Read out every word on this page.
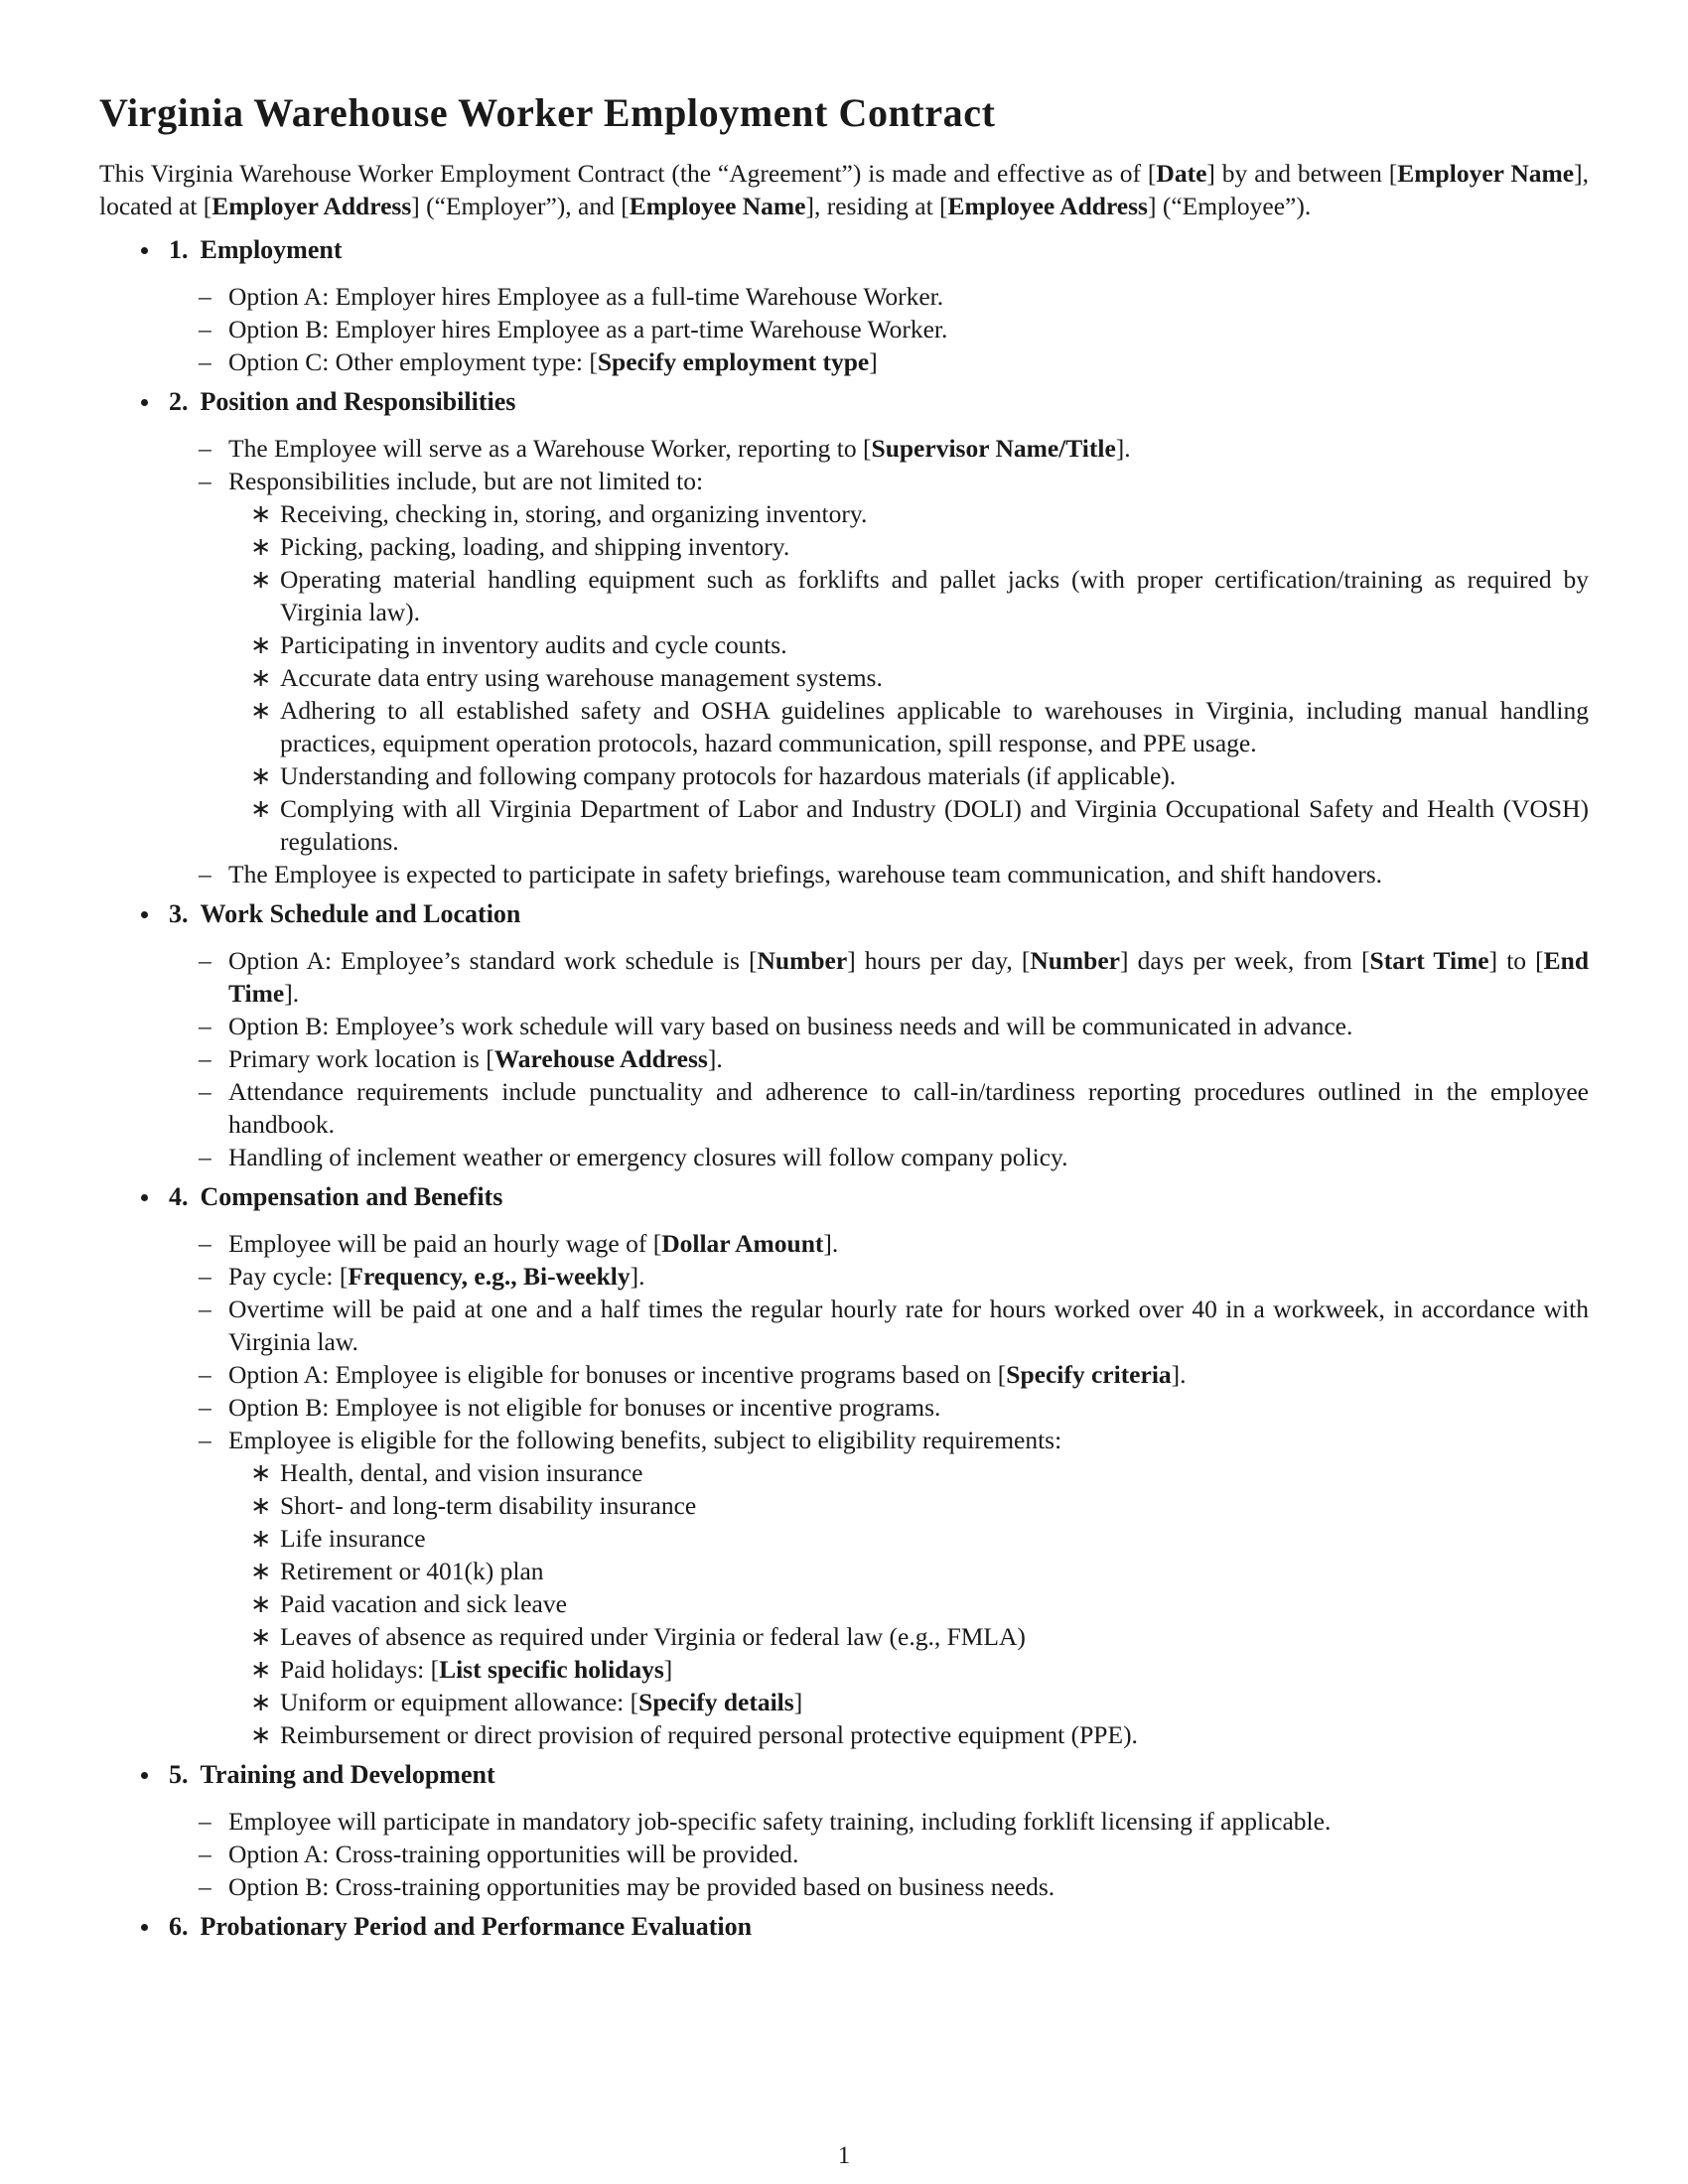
Virginia Warehouse Worker Employment Contract

This Virginia Warehouse Worker Employment Contract (the “Agreement”) is made and effective as of [Date] by and between [Employer Name], located at [Employer Address] (“Employer”), and [Employee Name], residing at [Employee Address] (“Employee”).

1. Employment
– Option A: Employer hires Employee as a full-time Warehouse Worker.
– Option B: Employer hires Employee as a part-time Warehouse Worker.
– Option C: Other employment type: [Specify employment type]
2. Position and Responsibilities
– The Employee will serve as a Warehouse Worker, reporting to [Supervisor Name/Title].
– Responsibilities include, but are not limited to:
∗ Receiving, checking in, storing, and organizing inventory.
∗ Picking, packing, loading, and shipping inventory.
∗ Operating material handling equipment such as forklifts and pallet jacks (with proper certification/training as required by Virginia law).
∗ Participating in inventory audits and cycle counts.
∗ Accurate data entry using warehouse management systems.
∗ Adhering to all established safety and OSHA guidelines applicable to warehouses in Virginia, including manual handling practices, equipment operation protocols, hazard communication, spill response, and PPE usage.
∗ Understanding and following company protocols for hazardous materials (if applicable).
∗ Complying with all Virginia Department of Labor and Industry (DOLI) and Virginia Occupational Safety and Health (VOSH) regulations.
– The Employee is expected to participate in safety briefings, warehouse team communication, and shift handovers.
3. Work Schedule and Location
– Option A: Employee’s standard work schedule is [Number] hours per day, [Number] days per week, from [Start Time] to [End Time].
– Option B: Employee’s work schedule will vary based on business needs and will be communicated in advance.
– Primary work location is [Warehouse Address].
– Attendance requirements include punctuality and adherence to call-in/tardiness reporting procedures outlined in the employee handbook.
– Handling of inclement weather or emergency closures will follow company policy.
4. Compensation and Benefits
– Employee will be paid an hourly wage of [Dollar Amount].
– Pay cycle: [Frequency, e.g., Bi-weekly].
– Overtime will be paid at one and a half times the regular hourly rate for hours worked over 40 in a workweek, in accordance with Virginia law.
– Option A: Employee is eligible for bonuses or incentive programs based on [Specify criteria].
– Option B: Employee is not eligible for bonuses or incentive programs.
– Employee is eligible for the following benefits, subject to eligibility requirements:
∗ Health, dental, and vision insurance
∗ Short- and long-term disability insurance
∗ Life insurance
∗ Retirement or 401(k) plan
∗ Paid vacation and sick leave
∗ Leaves of absence as required under Virginia or federal law (e.g., FMLA)
∗ Paid holidays: [List specific holidays]
∗ Uniform or equipment allowance: [Specify details]
∗ Reimbursement or direct provision of required personal protective equipment (PPE).
5. Training and Development
– Employee will participate in mandatory job-specific safety training, including forklift licensing if applicable.
– Option A: Cross-training opportunities will be provided.
– Option B: Cross-training opportunities may be provided based on business needs.
6. Probationary Period and Performance Evaluation
1
